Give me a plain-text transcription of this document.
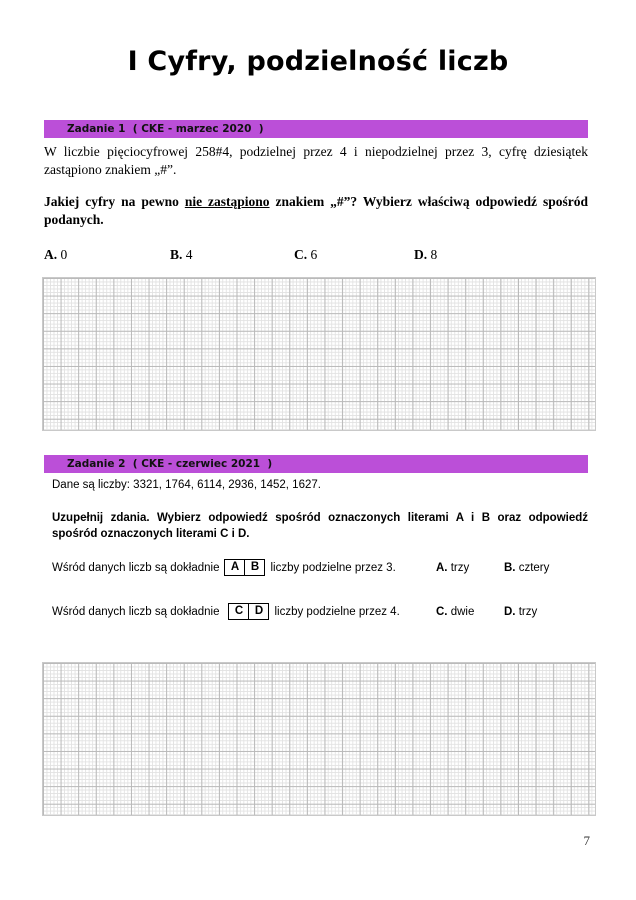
I Cyfry, podzielność liczb
Zadanie 1  ( CKE - marzec 2020  )
W liczbie pięciocyfrowej 258#4, podzielnej przez 4 i niepodzielnej przez 3, cyfrę dziesiątek zastąpiono znakiem „#”.
Jakiej cyfry na pewno nie zastąpiono znakiem „#”? Wybierz właściwą odpowiedź spośród podanych.
A. 0	B. 4	C. 6	D. 8
Zadanie 2  ( CKE - czerwiec 2021  )
Dane są liczby: 3321, 1764, 6114, 2936, 1452, 1627.
Uzupełnij zdania. Wybierz odpowiedź spośród oznaczonych literami A i B oraz odpowiedź spośród oznaczonych literami C i D.
Wśród danych liczb są dokładnie A	B liczby podzielne przez 3.	A. trzy	B. cztery
Wśród danych liczb są dokładnie	C	D liczby podzielne przez 4.	C. dwie	D. trzy
7
